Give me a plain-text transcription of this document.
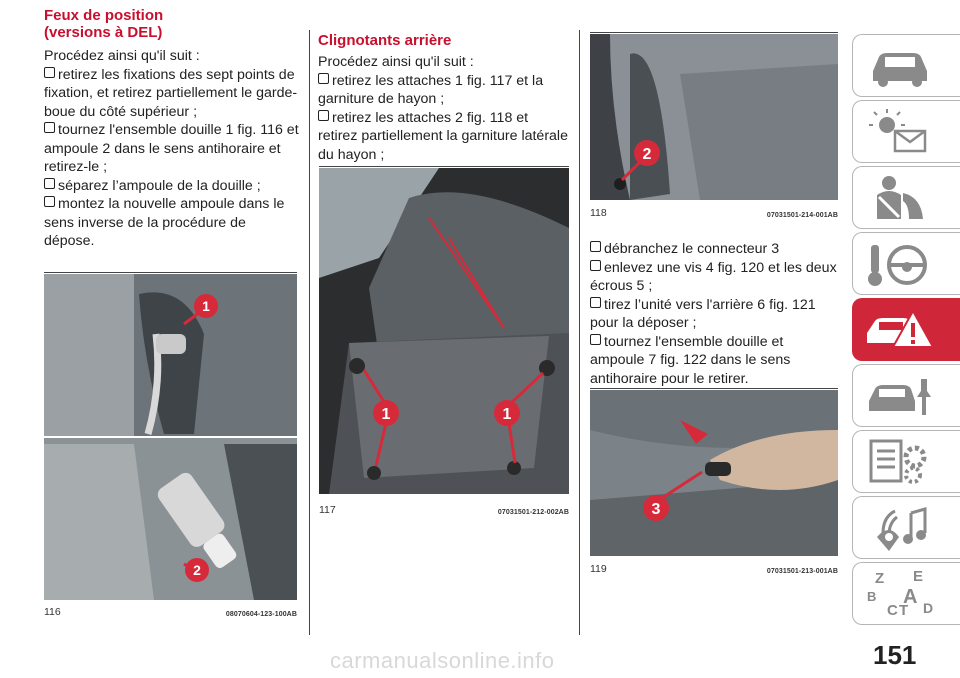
Feux de position
(versions à DEL)

Procédez ainsi qu'il suit :

retirez les fixations des sept points de fixation, et retirez partiellement le garde-boue du côté supérieur ;

tournez l'ensemble douille 1 fig. 116 et ampoule 2 dans le sens antihoraire et retirez-le ;

séparez l’ampoule de la douille ;

montez la nouvelle ampoule dans le sens inverse de la procédure de dépose.

1
2
116	08070604-123-100AB
Clignotants arrière

Procédez ainsi qu'il suit :

retirez les attaches 1 fig. 117 et la garniture de hayon ;

retirez les attaches 2 fig. 118 et retirez partiellement la garniture latérale du hayon ;

1	1
117	07031501-212-002AB
2
118	07031501-214-001AB

débranchez le connecteur 3

enlevez une vis 4 fig. 120 et les deux écrous 5 ;

tirez l’unité vers l'arrière 6 fig. 121 pour la déposer ;

tournez l'ensemble douille et ampoule 7 fig. 122 dans le sens antihoraire pour le retirer.

3
119	07031501-213-001AB Z E
B A
C T D
151
carmanualsonline.info
